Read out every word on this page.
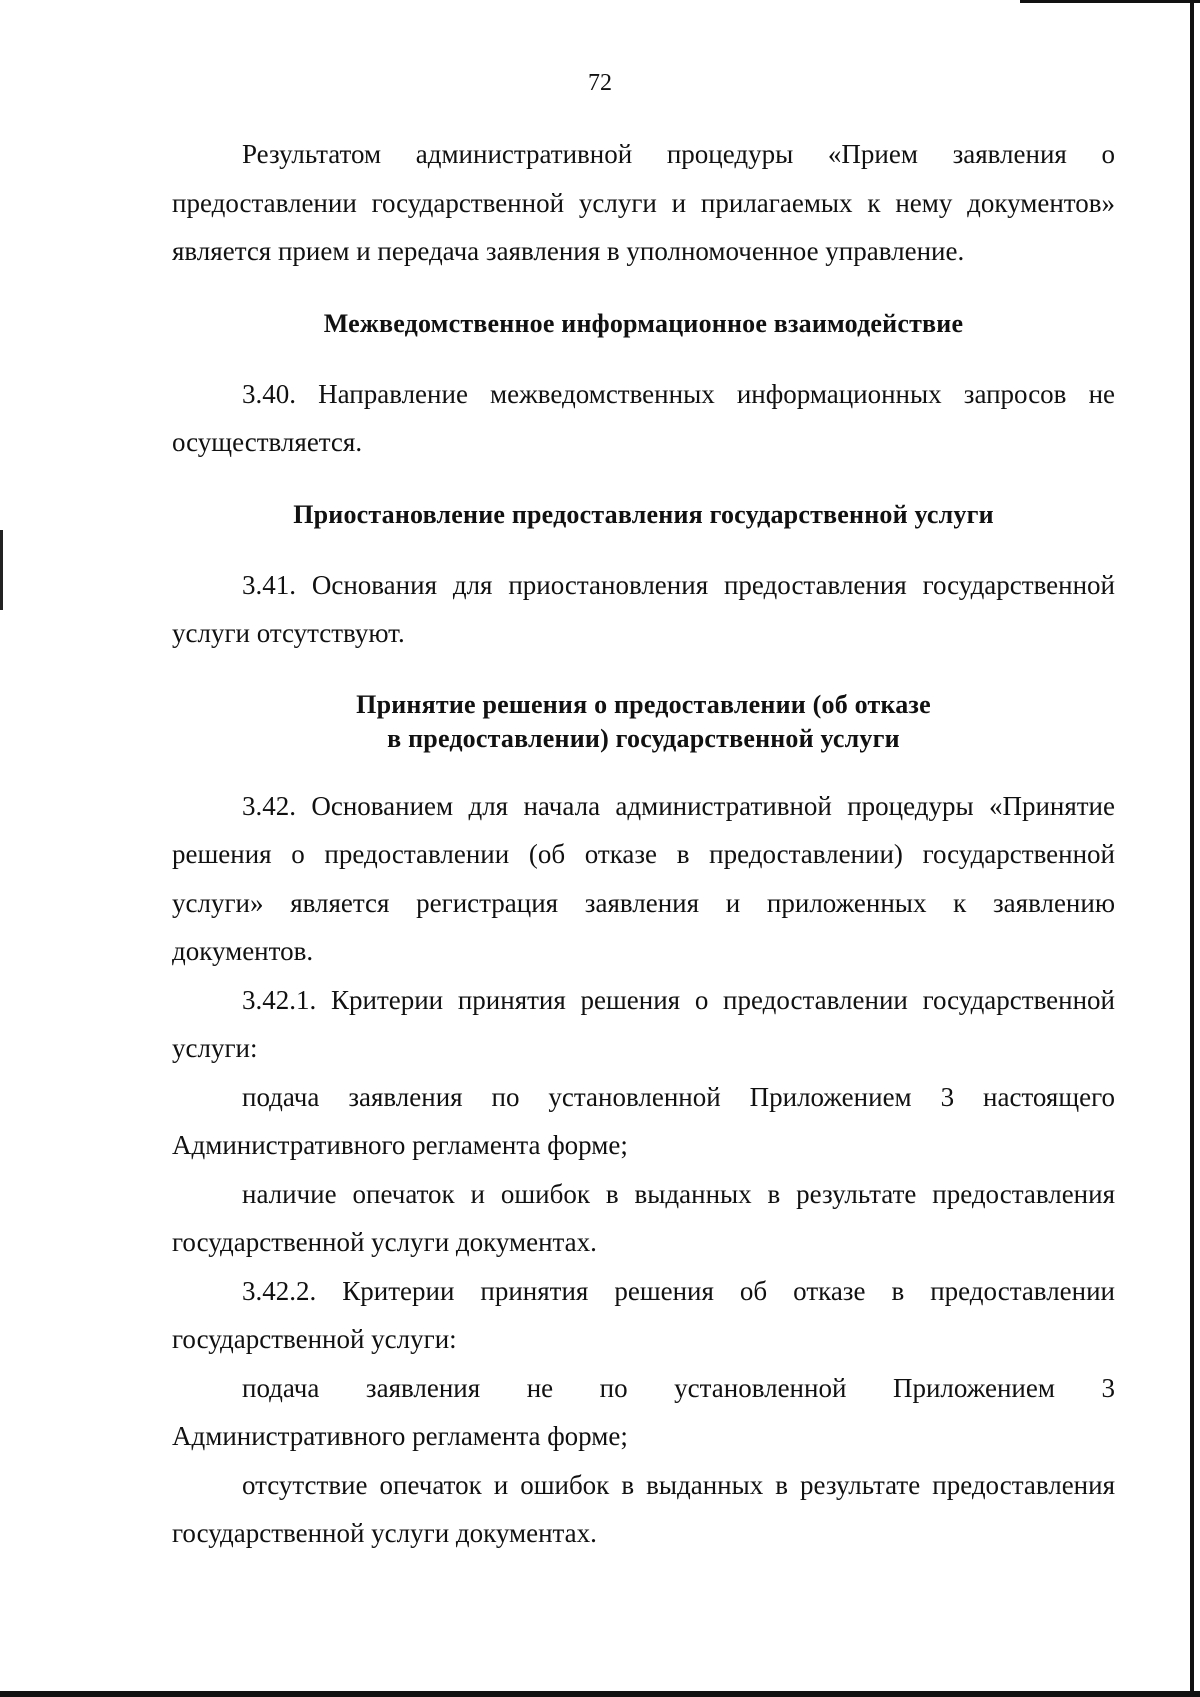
72

Результатом административной процедуры «Прием заявления о предоставлении государственной услуги и прилагаемых к нему документов» является прием и передача заявления в уполномоченное управление.

Межведомственное информационное взаимодействие

3.40. Направление межведомственных информационных запросов не осуществляется.

Приостановление предоставления государственной услуги

3.41. Основания для приостановления предоставления государственной услуги отсутствуют.

Принятие решения о предоставлении (об отказе
в предоставлении) государственной услуги

3.42. Основанием для начала административной процедуры «Принятие решения о предоставлении (об отказе в предоставлении) государственной услуги» является регистрация заявления и приложенных к заявлению документов.

3.42.1. Критерии принятия решения о предоставлении государственной услуги:

подача заявления по установленной Приложением 3 настоящего Административного регламента форме;

наличие опечаток и ошибок в выданных в результате предоставления государственной услуги документах.

3.42.2. Критерии принятия решения об отказе в предоставлении государственной услуги:

подача заявления не по установленной Приложением 3 Административного регламента форме;

отсутствие опечаток и ошибок в выданных в результате предоставления государственной услуги документах.
